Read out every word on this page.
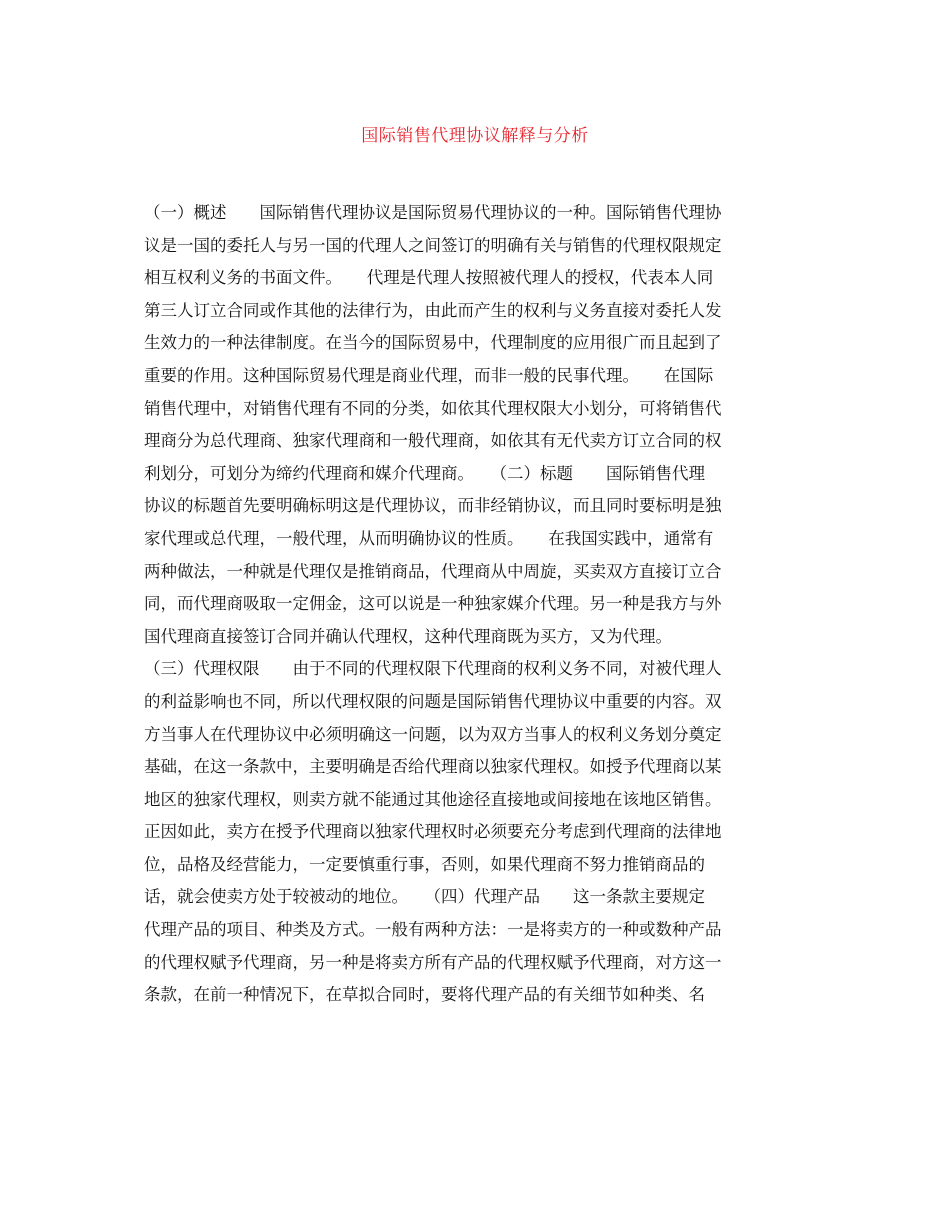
国际销售代理协议解释与分析
（一）概述　　国际销售代理协议是国际贸易代理协议的一种。国际销售代理协
议是一国的委托人与另一国的代理人之间签订的明确有关与销售的代理权限规定
相互权利义务的书面文件。　　代理是代理人按照被代理人的授权，代表本人同
第三人订立合同或作其他的法律行为，由此而产生的权利与义务直接对委托人发
生效力的一种法律制度。在当今的国际贸易中，代理制度的应用很广而且起到了
重要的作用。这种国际贸易代理是商业代理，而非一般的民事代理。　　在国际
销售代理中，对销售代理有不同的分类，如依其代理权限大小划分，可将销售代
理商分为总代理商、独家代理商和一般代理商，如依其有无代卖方订立合同的权
利划分，可划分为缔约代理商和媒介代理商。　　（二）标题　　国际销售代理
协议的标题首先要明确标明这是代理协议，而非经销协议，而且同时要标明是独
家代理或总代理，一般代理，从而明确协议的性质。　　在我国实践中，通常有
两种做法，一种就是代理仅是推销商品，代理商从中周旋，买卖双方直接订立合
同，而代理商吸取一定佣金，这可以说是一种独家媒介代理。另一种是我方与外
国代理商直接签订合同并确认代理权，这种代理商既为买方，又为代理。
（三）代理权限　　由于不同的代理权限下代理商的权利义务不同，对被代理人
的利益影响也不同，所以代理权限的问题是国际销售代理协议中重要的内容。双
方当事人在代理协议中必须明确这一问题，以为双方当事人的权利义务划分奠定
基础，在这一条款中，主要明确是否给代理商以独家代理权。如授予代理商以某
地区的独家代理权，则卖方就不能通过其他途径直接地或间接地在该地区销售。
正因如此，卖方在授予代理商以独家代理权时必须要充分考虑到代理商的法律地
位，品格及经营能力，一定要慎重行事，否则，如果代理商不努力推销商品的
话，就会使卖方处于较被动的地位。　　（四）代理产品　　这一条款主要规定
代理产品的项目、种类及方式。一般有两种方法：一是将卖方的一种或数种产品
的代理权赋予代理商，另一种是将卖方所有产品的代理权赋予代理商，对方这一
条款，在前一种情况下，在草拟合同时，要将代理产品的有关细节如种类、名
